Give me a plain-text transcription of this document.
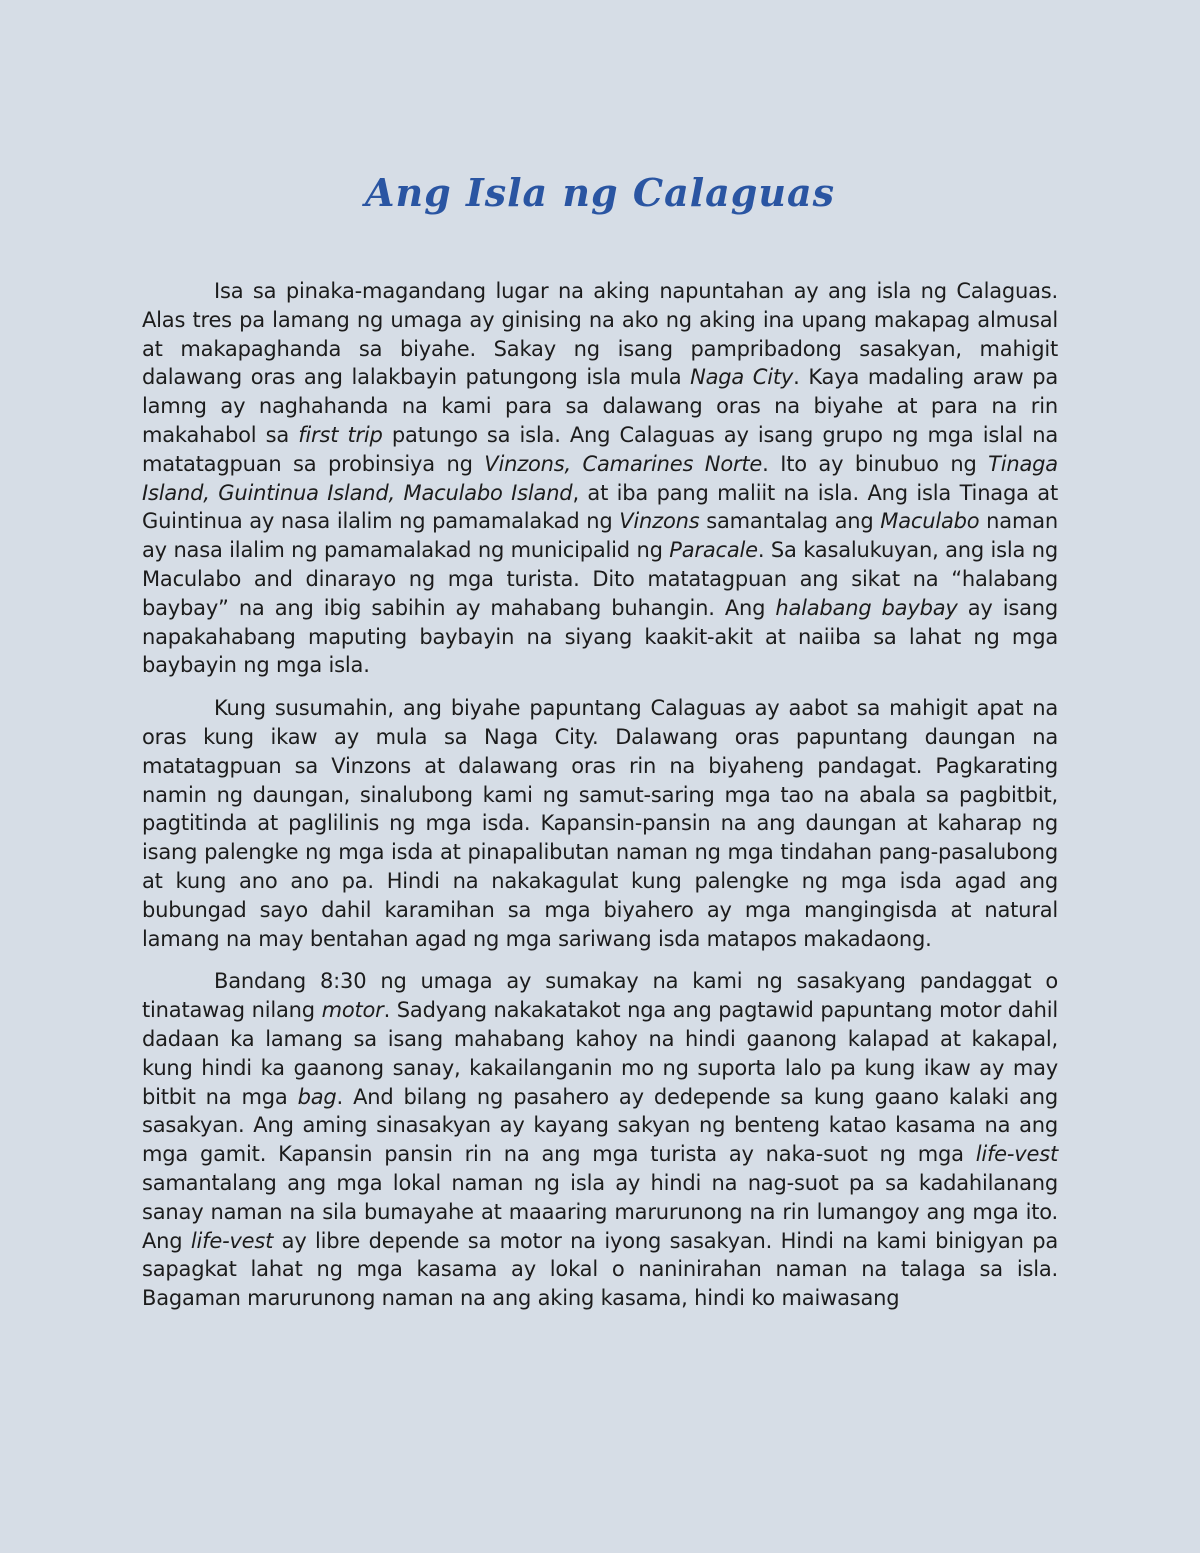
Ang Isla ng Calaguas

Isa sa pinaka-magandang lugar na aking napuntahan ay ang isla ng Calaguas. Alas tres pa lamang ng umaga ay ginising na ako ng aking ina upang makapag almusal at makapaghanda sa biyahe. Sakay ng isang pampribadong sasakyan, mahigit dalawang oras ang lalakbayin patungong isla mula Naga City. Kaya madaling araw pa lamng ay naghahanda na kami para sa dalawang oras na biyahe at para na rin makahabol sa first trip patungo sa isla. Ang Calaguas ay isang grupo ng mga islal na matatagpuan sa probinsiya ng Vinzons, Camarines Norte. Ito ay binubuo ng Tinaga Island, Guintinua Island, Maculabo Island, at iba pang maliit na isla. Ang isla Tinaga at Guintinua ay nasa ilalim ng pamamalakad ng Vinzons samantalag ang Maculabo naman ay nasa ilalim ng pamamalakad ng municipalid ng Paracale. Sa kasalukuyan, ang isla ng Maculabo and dinarayo ng mga turista. Dito matatagpuan ang sikat na “halabang baybay” na ang ibig sabihin ay mahabang buhangin. Ang halabang baybay ay isang napakahabang maputing baybayin na siyang kaakit-akit at naiiba sa lahat ng mga baybayin ng mga isla.

Kung susumahin, ang biyahe papuntang Calaguas ay aabot sa mahigit apat na oras kung ikaw ay mula sa Naga City. Dalawang oras papuntang daungan na matatagpuan sa Vinzons at dalawang oras rin na biyaheng pandagat. Pagkarating namin ng daungan, sinalubong kami ng samut-saring mga tao na abala sa pagbitbit, pagtitinda at paglilinis ng mga isda. Kapansin-pansin na ang daungan at kaharap ng isang palengke ng mga isda at pinapalibutan naman ng mga tindahan pang-pasalubong at kung ano ano pa. Hindi na nakakagulat kung palengke ng mga isda agad ang bubungad sayo dahil karamihan sa mga biyahero ay mga mangingisda at natural lamang na may bentahan agad ng mga sariwang isda matapos makadaong.

Bandang 8:30 ng umaga ay sumakay na kami ng sasakyang pandaggat o tinatawag nilang motor. Sadyang nakakatakot nga ang pagtawid papuntang motor dahil dadaan ka lamang sa isang mahabang kahoy na hindi gaanong kalapad at kakapal, kung hindi ka gaanong sanay, kakailanganin mo ng suporta lalo pa kung ikaw ay may bitbit na mga bag. And bilang ng pasahero ay dedepende sa kung gaano kalaki ang sasakyan. Ang aming sinasakyan ay kayang sakyan ng benteng katao kasama na ang mga gamit. Kapansin pansin rin na ang mga turista ay naka-suot ng mga life-vest samantalang ang mga lokal naman ng isla ay hindi na nag-suot pa sa kadahilanang sanay naman na sila bumayahe at maaaring marurunong na rin lumangoy ang mga ito. Ang life-vest ay libre depende sa motor na iyong sasakyan. Hindi na kami binigyan pa sapagkat lahat ng mga kasama ay lokal o naninirahan naman na talaga sa isla. Bagaman marurunong naman na ang aking kasama, hindi ko maiwasang
